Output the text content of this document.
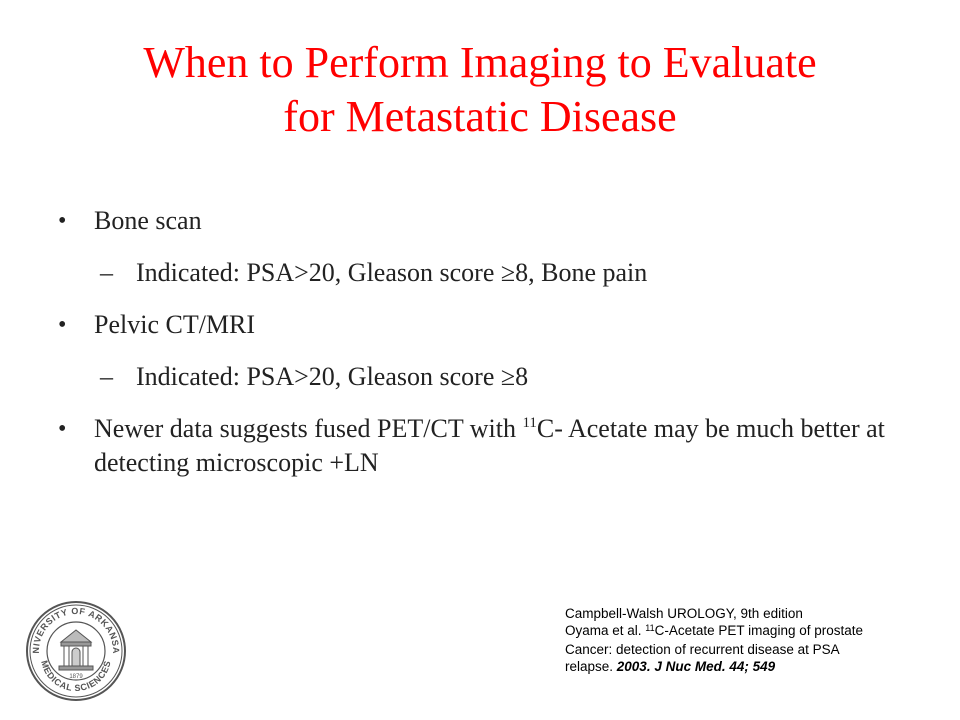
When to Perform Imaging to Evaluate
for Metastatic Disease
• Bone scan
– Indicated: PSA>20, Gleason score ≥8, Bone pain
• Pelvic CT/MRI
– Indicated: PSA>20, Gleason score ≥8
• Newer data suggests fused PET/CT with $^{11}$C- Acetate may be much better at detecting microscopic +LN
NIVERSITY OF ARKANSA
MEDICAL SCIENCES
1879
Campbell-Walsh UROLOGY, 9th edition
Oyama et al. $^{11}$C-Acetate PET imaging of prostate
Cancer: detection of recurrent disease at PSA
relapse. 2003. J Nuc Med. 44; 549
